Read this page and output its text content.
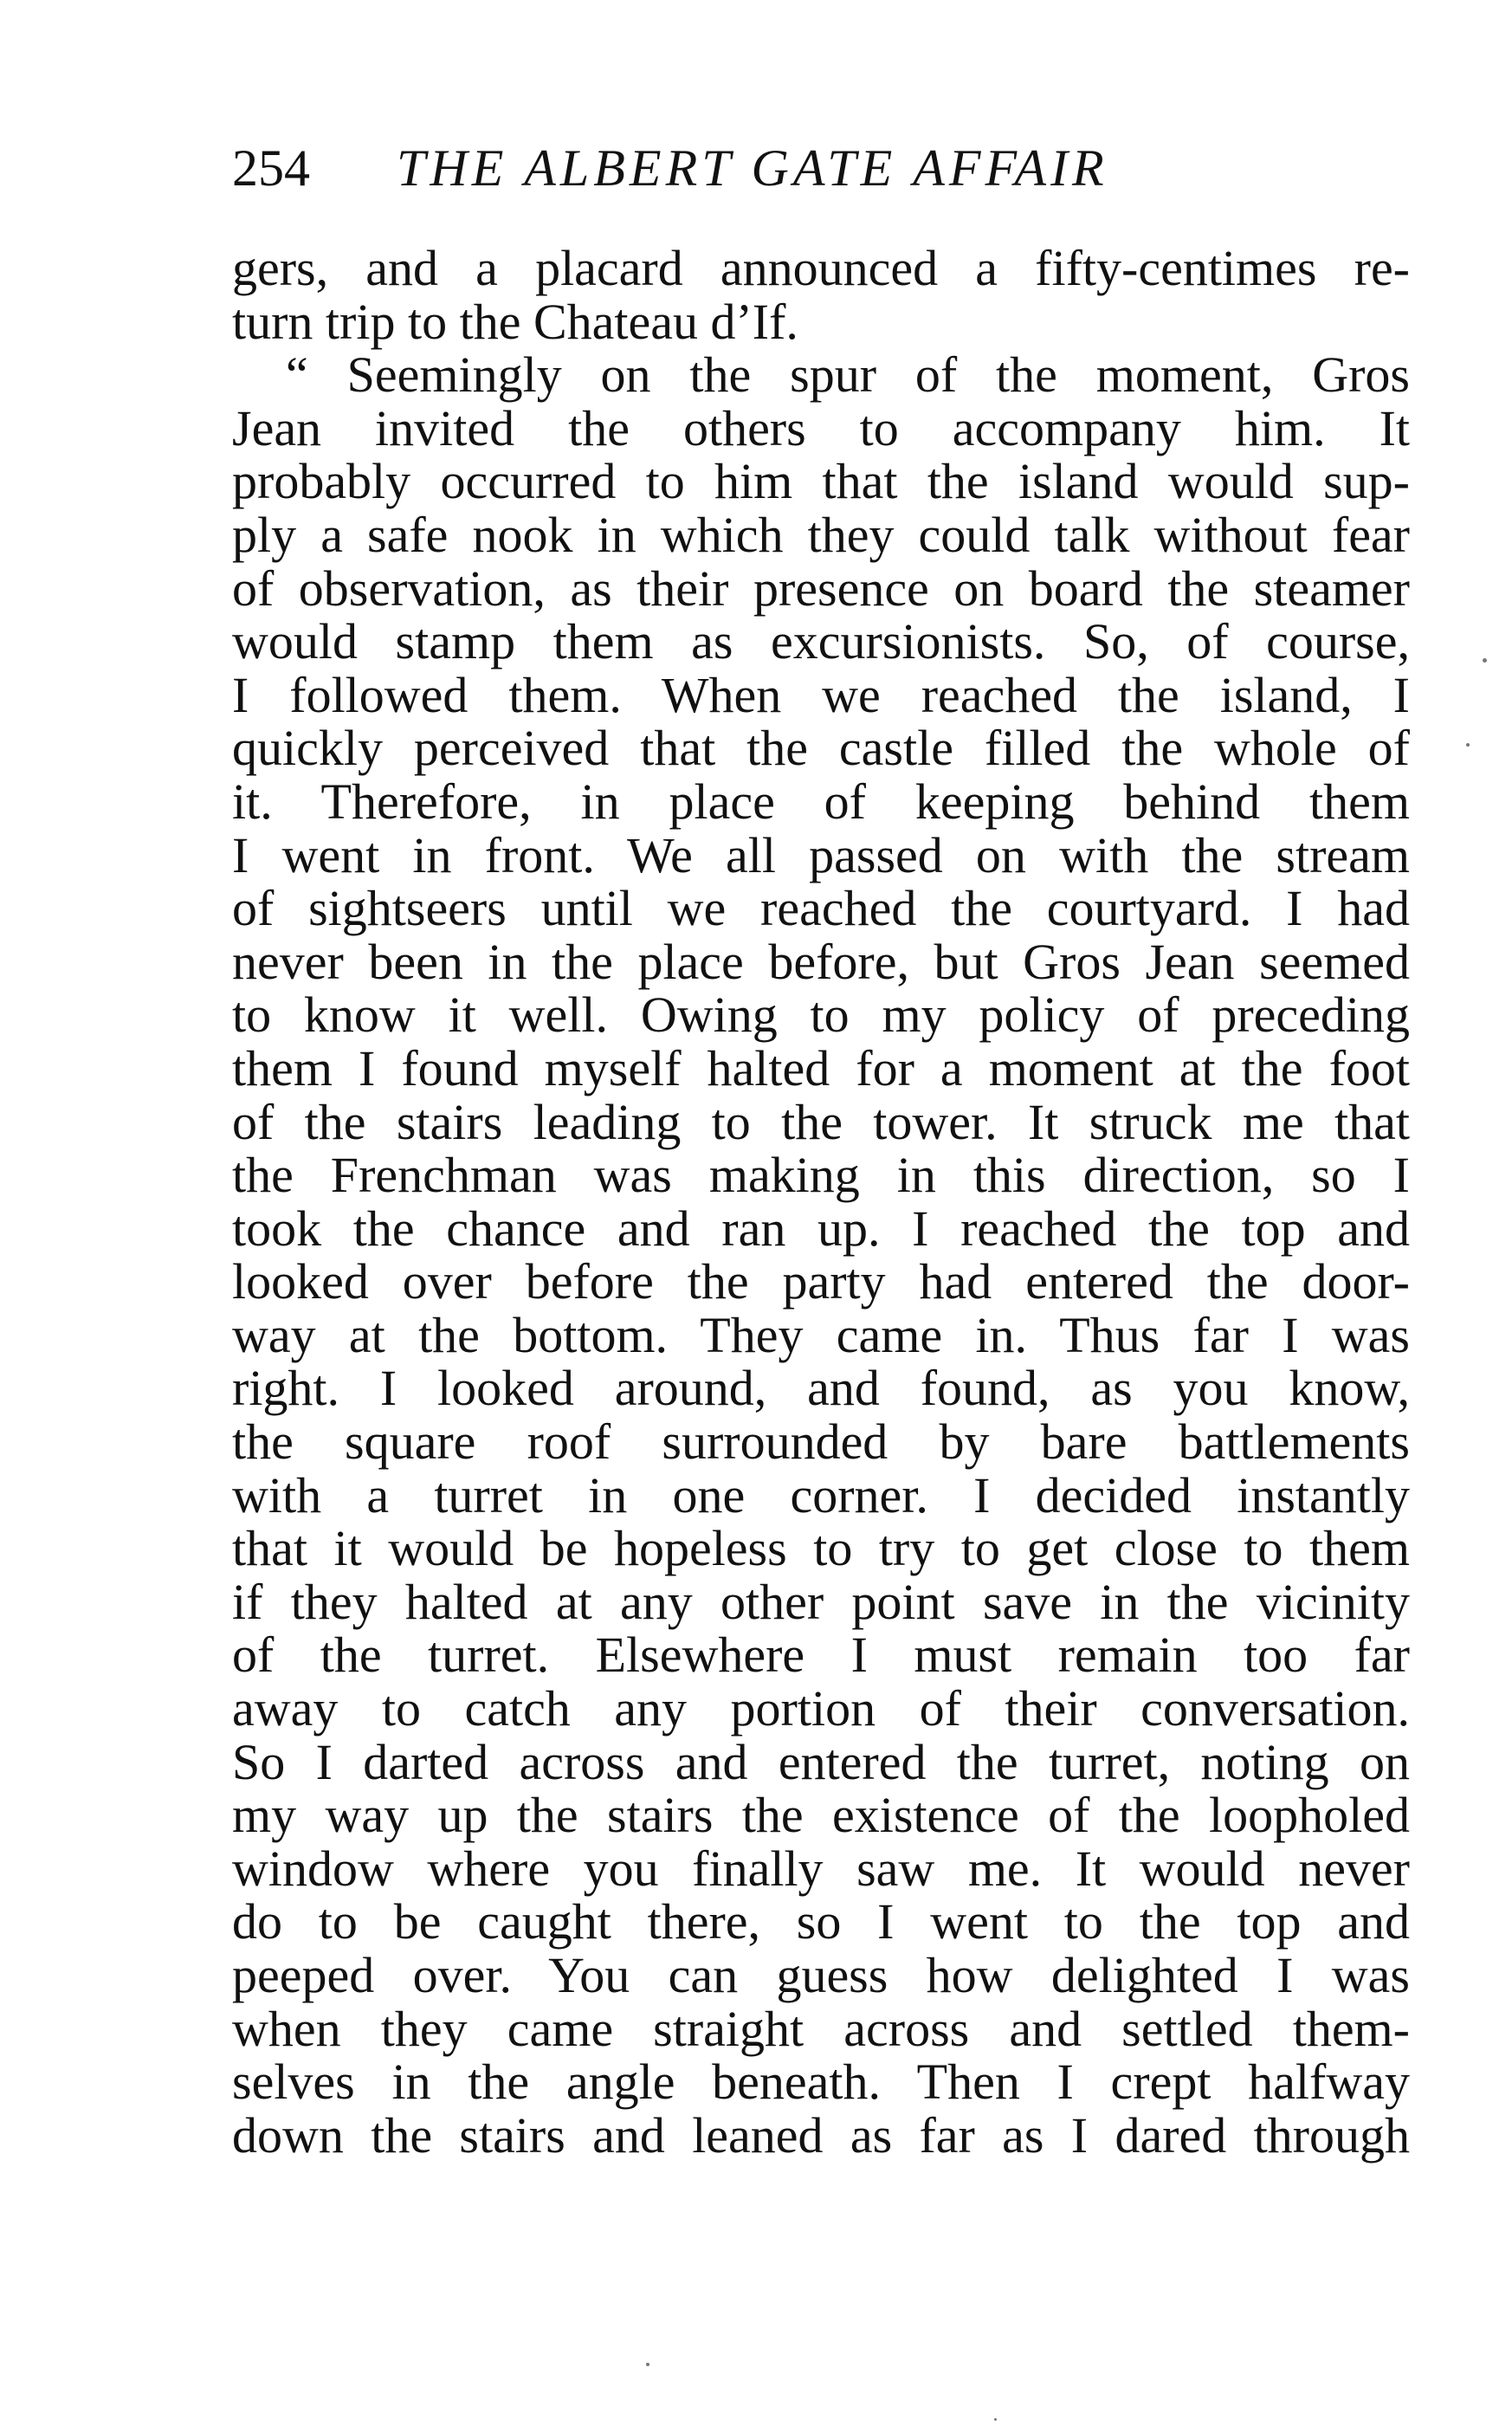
254 THE ALBERT GATE AFFAIR
gers, and a placard announced a fifty-centimes re-
turn trip to the Chateau d’If.
“ Seemingly on the spur of the moment, Gros
Jean invited the others to accompany him. It
probably occurred to him that the island would sup-
ply a safe nook in which they could talk without fear
of observation, as their presence on board the steamer
would stamp them as excursionists. So, of course,
I followed them. When we reached the island, I
quickly perceived that the castle filled the whole of
it. Therefore, in place of keeping behind them
I went in front. We all passed on with the stream
of sightseers until we reached the courtyard. I had
never been in the place before, but Gros Jean seemed
to know it well. Owing to my policy of preceding
them I found myself halted for a moment at the foot
of the stairs leading to the tower. It struck me that
the Frenchman was making in this direction, so I
took the chance and ran up. I reached the top and
looked over before the party had entered the door-
way at the bottom. They came in. Thus far I was
right. I looked around, and found, as you know,
the square roof surrounded by bare battlements
with a turret in one corner. I decided instantly
that it would be hopeless to try to get close to them
if they halted at any other point save in the vicinity
of the turret. Elsewhere I must remain too far
away to catch any portion of their conversation.
So I darted across and entered the turret, noting on
my way up the stairs the existence of the loopholed
window where you finally saw me. It would never
do to be caught there, so I went to the top and
peeped over. You can guess how delighted I was
when they came straight across and settled them-
selves in the angle beneath. Then I crept halfway
down the stairs and leaned as far as I dared through
